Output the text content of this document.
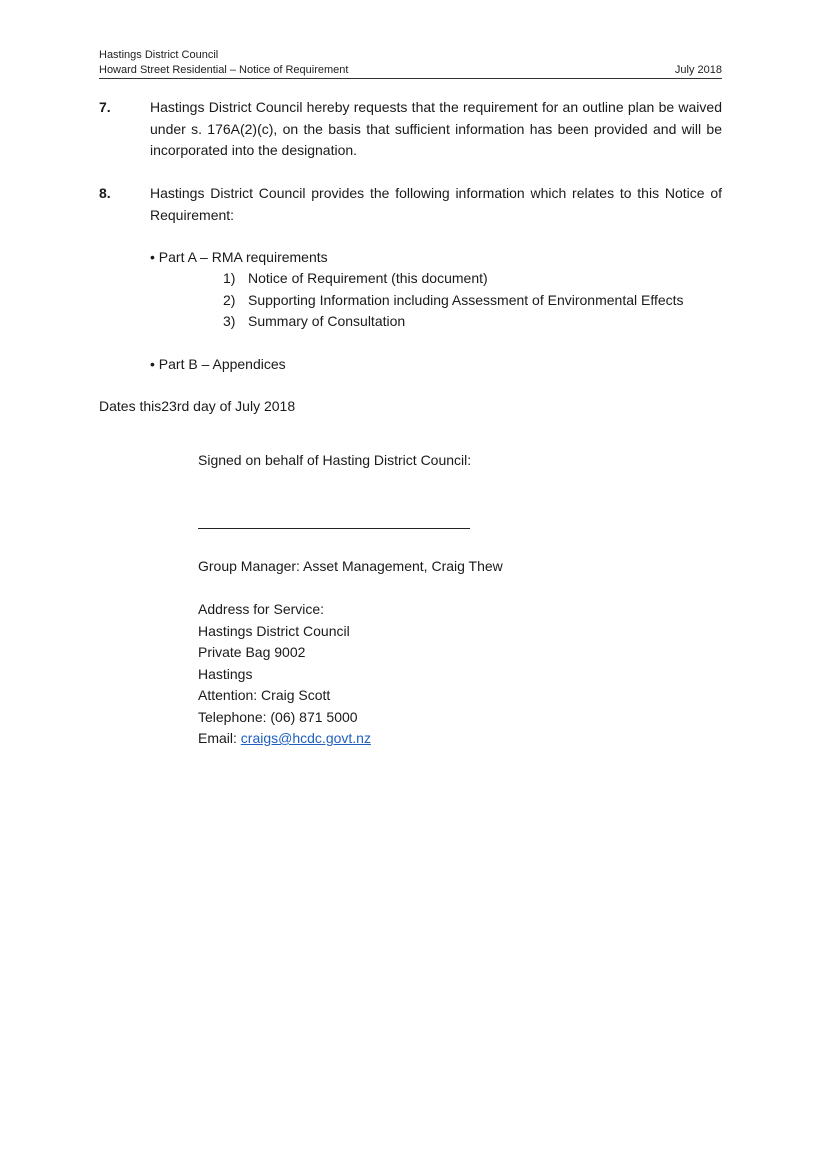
Hastings District Council
Howard Street Residential – Notice of Requirement	July 2018
7.	Hastings District Council hereby requests that the requirement for an outline plan be waived under s. 176A(2)(c), on the basis that sufficient information has been provided and will be incorporated into the designation.
8.	Hastings District Council provides the following information which relates to this Notice of Requirement:
• Part A – RMA requirements
1) Notice of Requirement (this document)
2) Supporting Information including Assessment of Environmental Effects
3) Summary of Consultation
• Part B – Appendices
Dates this23rd day of July 2018
Signed on behalf of Hasting District Council:
Group Manager: Asset Management, Craig Thew
Address for Service:
Hastings District Council
Private Bag 9002
Hastings
Attention: Craig Scott
Telephone: (06) 871 5000
Email: craigs@hcdc.govt.nz
